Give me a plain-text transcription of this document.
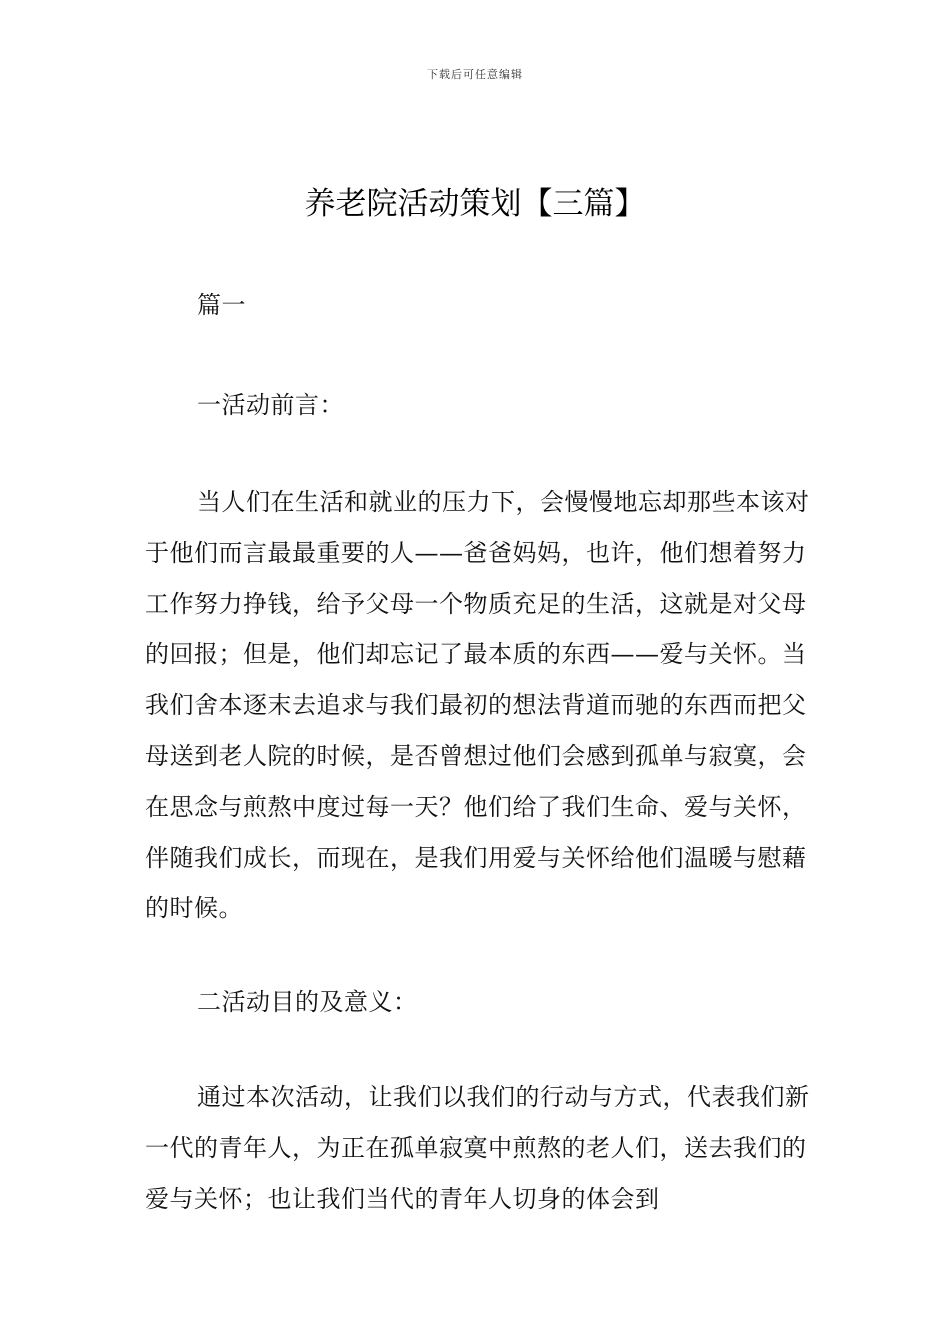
下载后可任意编辑
养老院活动策划【三篇】

篇一

一活动前言：

当人们在生活和就业的压力下，会慢慢地忘却那些本该对于他们而言最最重要的人——爸爸妈妈，也许，他们想着努力工作努力挣钱，给予父母一个物质充足的生活，这就是对父母的回报；但是，他们却忘记了最本质的东西——爱与关怀。当我们舍本逐末去追求与我们最初的想法背道而驰的东西而把父母送到老人院的时候，是否曾想过他们会感到孤单与寂寞，会在思念与煎熬中度过每一天？他们给了我们生命、爱与关怀，伴随我们成长，而现在，是我们用爱与关怀给他们温暖与慰藉的时候。

二活动目的及意义：

通过本次活动，让我们以我们的行动与方式，代表我们新一代的青年人，为正在孤单寂寞中煎熬的老人们，送去我们的爱与关怀；也让我们当代的青年人切身的体会到
